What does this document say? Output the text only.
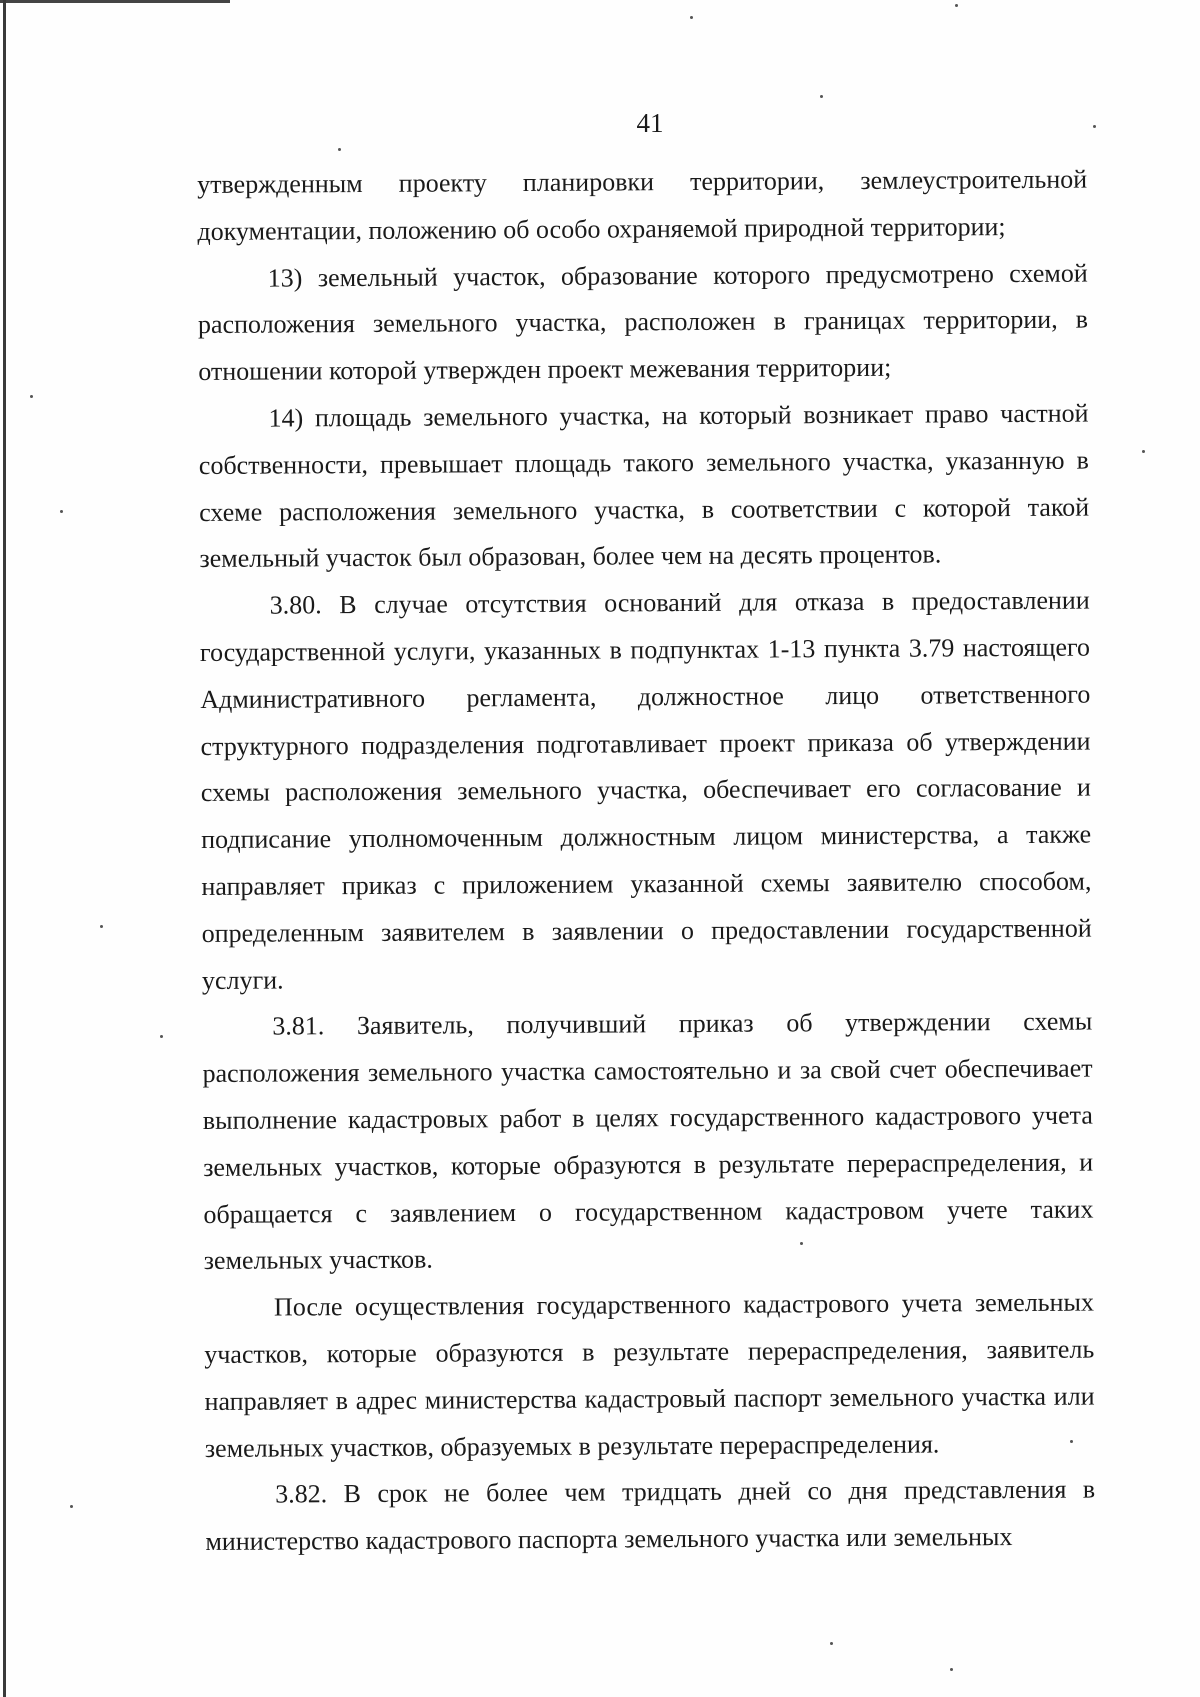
41

утвержденным проекту планировки территории, землеустроительной документации, положению об особо охраняемой природной территории;

13) земельный участок, образование которого предусмотрено схемой расположения земельного участка, расположен в границах территории, в отношении которой утвержден проект межевания территории;

14) площадь земельного участка, на который возникает право частной собственности, превышает площадь такого земельного участка, указанную в схеме расположения земельного участка, в соответствии с которой такой земельный участок был образован, более чем на десять процентов.

3.80. В случае отсутствия оснований для отказа в предоставлении государственной услуги, указанных в подпунктах 1-13 пункта 3.79 настоящего Административного регламента, должностное лицо ответственного структурного подразделения подготавливает проект приказа об утверждении схемы расположения земельного участка, обеспечивает его согласование и подписание уполномоченным должностным лицом министерства, а также направляет приказ с приложением указанной схемы заявителю способом, определенным заявителем в заявлении о предоставлении государственной услуги.

3.81. Заявитель, получивший приказ об утверждении схемы расположения земельного участка самостоятельно и за свой счет обеспечивает выполнение кадастровых работ в целях государственного кадастрового учета земельных участков, которые образуются в результате перераспределения, и обращается с заявлением о государственном кадастровом учете таких земельных участков.

После осуществления государственного кадастрового учета земельных участков, которые образуются в результате перераспределения, заявитель направляет в адрес министерства кадастровый паспорт земельного участка или земельных участков, образуемых в результате перераспределения.

3.82. В срок не более чем тридцать дней со дня представления в министерство кадастрового паспорта земельного участка или земельных
